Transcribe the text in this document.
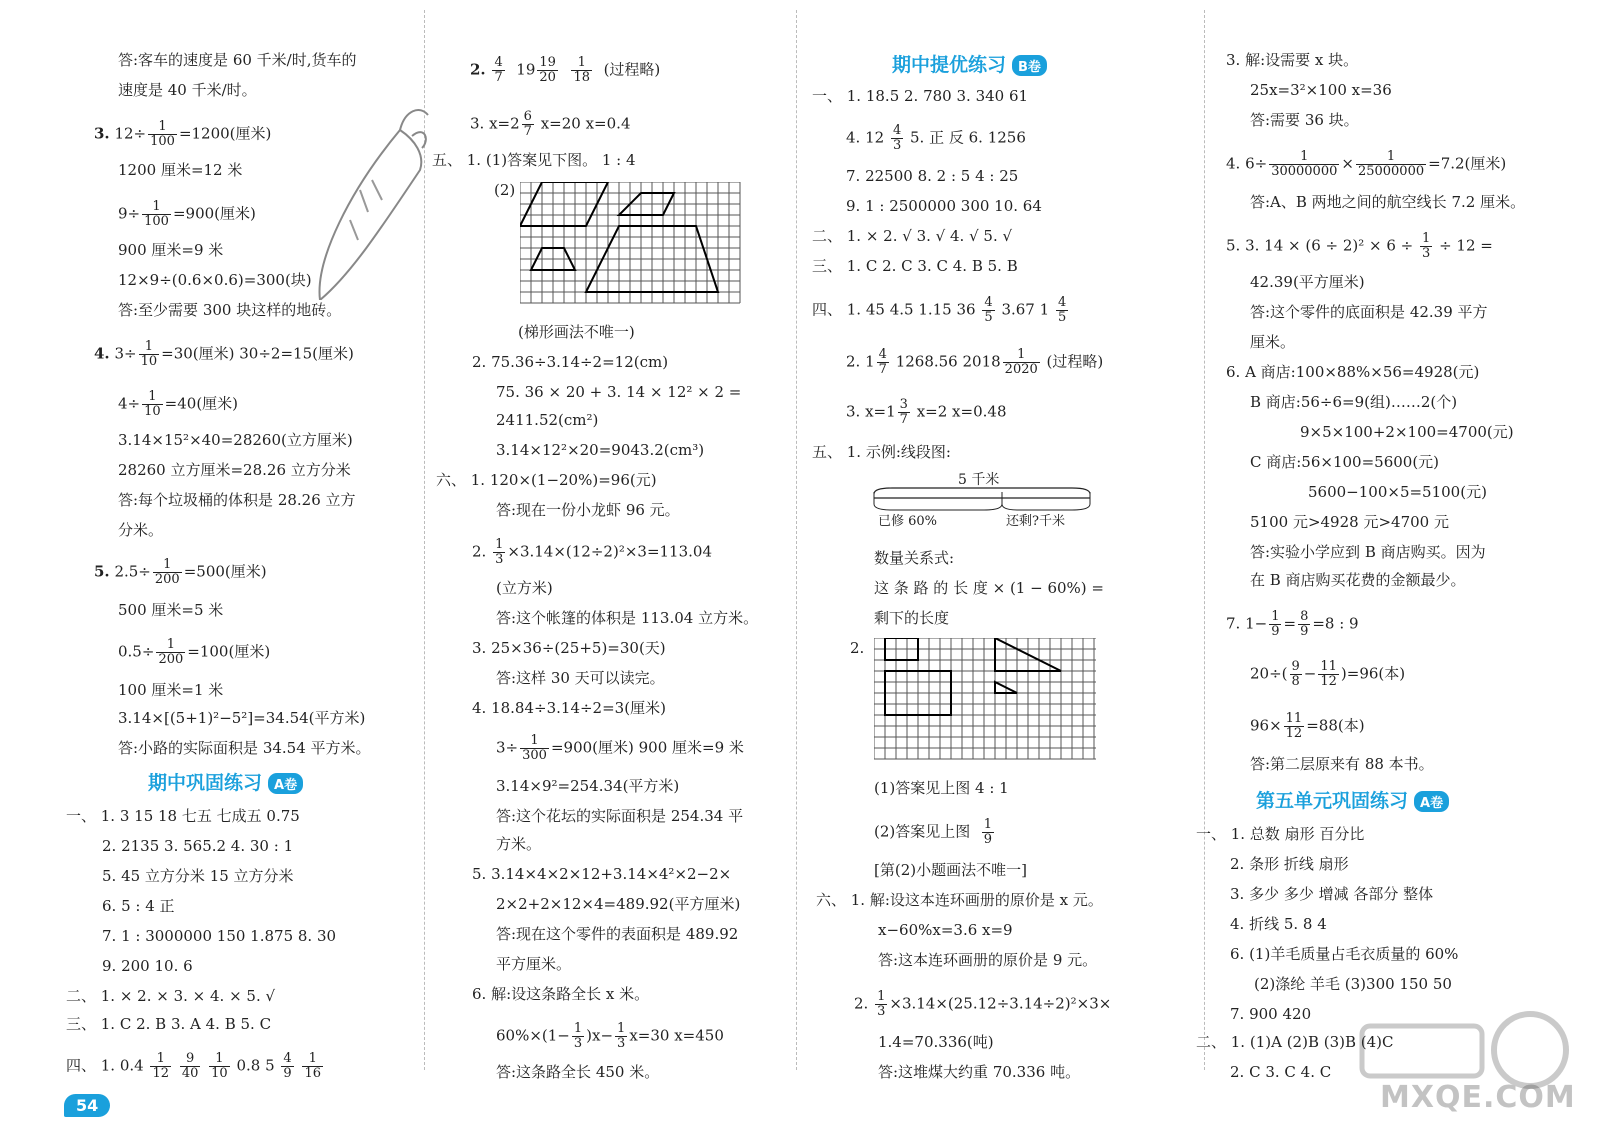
答:客车的速度是 60 千米/时,货车的
速度是 40 千米/时。
3. $12\div \frac{1}{100} =1200$(厘米)
1200 厘米=12 米
$9\div \frac{1}{100} =900$(厘米)
900 厘米=9 米
12×9÷(0.6×0.6)=300(块)
答:至少需要 300 块这样的地砖。
4. $3\div \frac{1}{10} =30$(厘米) 30÷2=15(厘米)
$4\div \frac{1}{10} =40$(厘米)
3.14×15²×40=28260(立方厘米)
28260 立方厘米=28.26 立方分米
答:每个垃圾桶的体积是 28.26 立方
分米。
5. $2.5\div \frac{1}{200} =500$(厘米)
500 厘米=5 米
$0.5\div \frac{1}{200} =100$(厘米)
100 厘米=1 米
3.14×[(5+1)²−5²]=34.54(平方米)
答:小路的实际面积是 34.54 平方米。
期中巩固练习 A卷
一、 1. 3 15 18 七五 七成五 0.75
2. 2135 3. 565.2 4. 30 : 1
5. 45 立方分米 15 立方分米
6. 5 : 4 正
7. 1 : 3000000 150 1.875 8. 30
9. 200 10. 6
二、 1. × 2. × 3. × 4. × 5. √
三、 1. C 2. B 3. A 4. B 5. C
四、 1. $0.4 \frac{1}{12}$
$\frac{9}{40}$
$\frac{1}{10} 0.8$ $5 \frac{4}{9}$
$\frac{1}{16}$
54
2. $\frac{4}{7} 19 \frac{19}{20}$
$\frac{1}{18}$ (过程略)
3. $x=2 \frac{6}{7} x=20$ x=0.4
五、 1. (1)答案见下图。 1 : 4
(2)
(梯形画法不唯一)
2. 75.36÷3.14÷2=12(cm)
75. 36 × 20 + 3. 14 × 12² × 2 =
2411.52(cm²)
3.14×12²×20=9043.2(cm³)
六、 1. 120×(1−20%)=96(元)
答:现在一份小龙虾 96 元。
2. $\frac{1}{3} \times 3.14\times(12\div 2)^2\times 3=113.04$
(立方米)
答:这个帐篷的体积是 113.04 立方米。
3. 25×36÷(25+5)=30(天)
答:这样 30 天可以读完。
4. 18.84÷3.14÷2=3(厘米)
$3\div \frac{1}{300} =900$(厘米) 900 厘米=9 米
3.14×9²=254.34(平方米)
答:这个花坛的实际面积是 254.34 平
方米。
5. 3.14×4×2×12+3.14×4²×2−2×
2×2+2×12×4=489.92(平方厘米)
答:现在这个零件的表面积是 489.92
平方厘米。
6. 解:设这条路全长 x 米。
$60\%\times(1- \frac{1}{3} )x- \frac{1}{3} x=30$ x=450
答:这条路全长 450 米。
期中提优练习 B卷
一、 1. 18.5 2. 780 3. 340 61
4. $12 \frac{4}{3} 5$. 正 反 6. 1256
7. 22500 8. 2 : 5 4 : 25
9. 1 : 2500000 300 10. 64
二、 1. × 2. √ 3. √ 4. √ 5. √
三、 1. C 2. C 3. C 4. B 5. B
四、 1. 45 4.5 1.15 $36 \frac{4}{5} 3.67$ $1 \frac{4}{5}$
2. $1 \frac{4}{7} 1268.56$ $2018 \frac{1}{2020}$ (过程略)
3. $x=1 \frac{3}{7} x=2$ x=0.48
五、 1. 示例:线段图:
5 千米
已修 60%	还剩?千米
数量关系式:
这 条 路 的 长 度 × (1 − 60%) =
剩下的长度
2.
(1)答案见上图 4 : 1
(2)答案见上图 $\frac{1}{9}$
[第(2)小题画法不唯一]
六、 1. 解:设这本连环画册的原价是 x 元。
x−60%x=3.6 x=9
答:这本连环画册的原价是 9 元。
2. $\frac{1}{3} \times 3.14\times(25.12\div 3.14\div 2)^2\times 3\times$
1.4=70.336(吨)
答:这堆煤大约重 70.336 吨。
3. 解:设需要 x 块。
25x=3²×100 x=36
答:需要 36 块。
4. $6\div \frac{1}{30000000} \times \frac{1}{25000000} =7.2$(厘米)
答:A、B 两地之间的航空线长 7.2 厘米。
5. 3. $14 \times (6 \div 2)^2 \times 6 \div \frac{1}{3} \div 12$ =
42.39(平方厘米)
答:这个零件的底面积是 42.39 平方
厘米。
6. A 商店:100×88%×56=4928(元)
B 商店:56÷6=9(组)……2(个)
9×5×100+2×100=4700(元)
C 商店:56×100=5600(元)
5600−100×5=5100(元)
5100 元>4928 元>4700 元
答:实验小学应到 B 商店购买。因为
在 B 商店购买花费的金额最少。
7. $1- \frac{1}{9} = \frac{8}{9} =8$ : 9
$20\div( \frac{9}{8} - \frac{11}{12} )=96$(本)
$96\times \frac{11}{12} =88$(本)
答:第二层原来有 88 本书。
第五单元巩固练习 A卷
一、 1. 总数 扇形 百分比
2. 条形 折线 扇形
3. 多少 多少 增减 各部分 整体
4. 折线 5. 8 4
6. (1)羊毛质量占毛衣质量的 60%
(2)涤纶 羊毛 (3)300 150 50
7. 900 420
二、 1. (1)A (2)B (3)B (4)C
2. C 3. C 4. C
MXQE.COM
